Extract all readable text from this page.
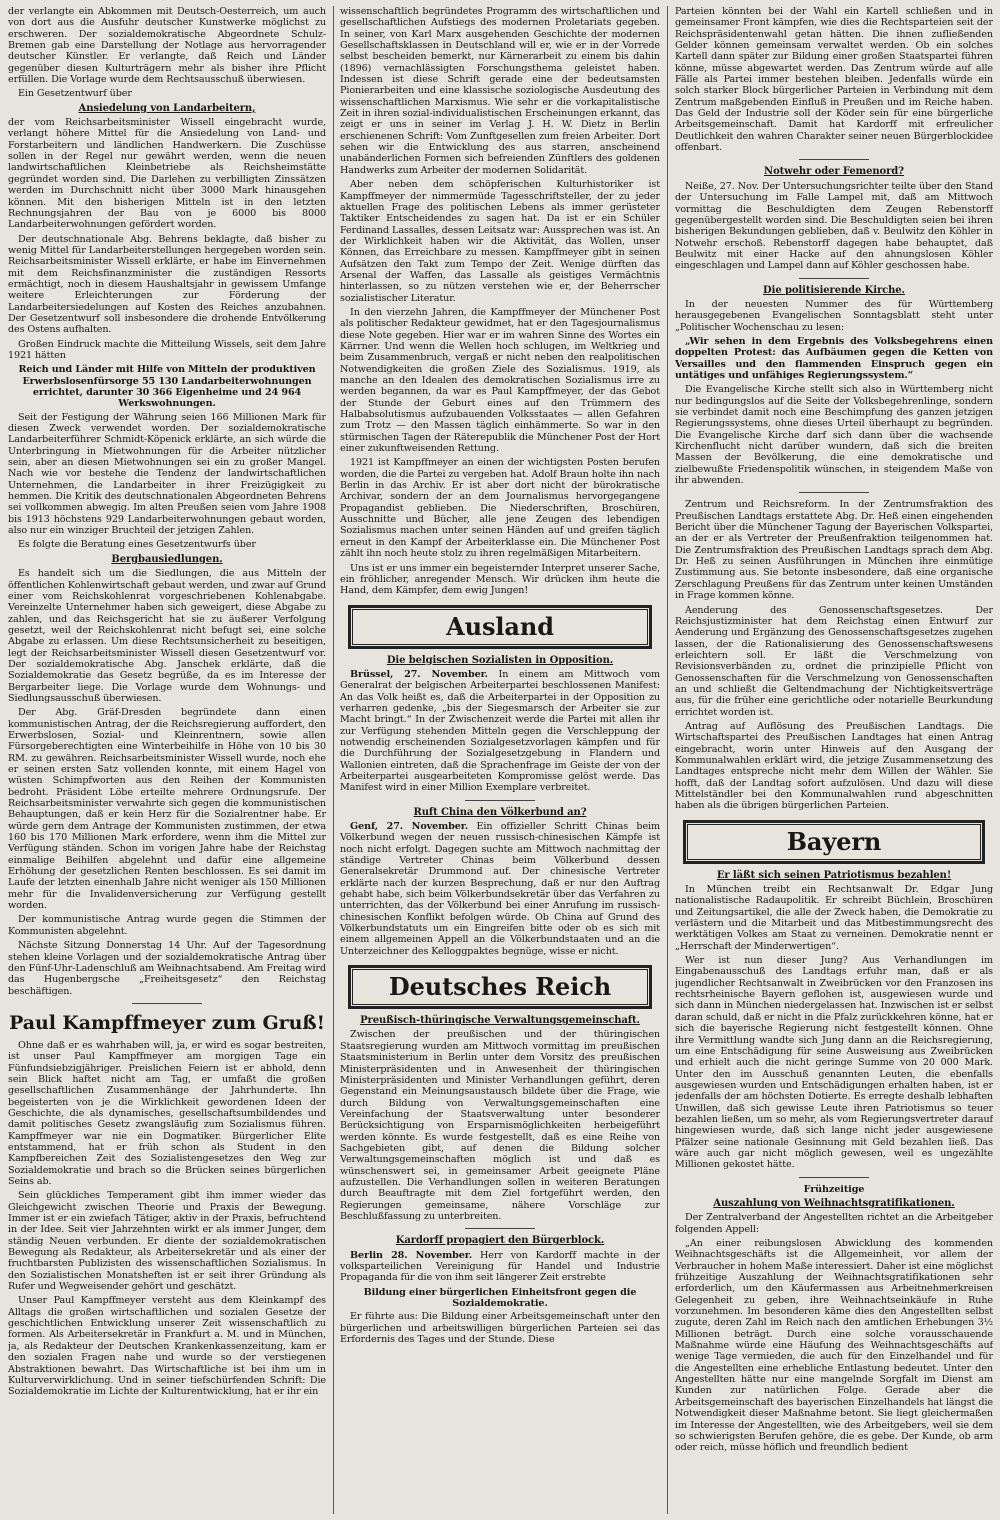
der verlangte ein Abkommen mit Deutsch-Oesterreich, um auch von dort aus die Ausfuhr deutscher Kunstwerke möglichst zu erschweren. Der sozialdemokratische Abgeordnete Schulz-Bremen gab eine Darstellung der Notlage aus hervorragender deutscher Künstler. Er verlangte, daß Reich und Länder gegenüber diesen Kulturträgern mehr als bisher ihre Pflicht erfüllen. Die Vorlage wurde dem Rechtsausschuß überwiesen.

Ein Gesetzentwurf über

Ansiedelung von Landarbeitern,

der vom Reichsarbeitsminister Wissell eingebracht wurde, verlangt höhere Mittel für die Ansiedelung von Land- und Forstarbeitern und ländlichen Handwerkern. Die Zuschüsse sollen in der Regel nur gewährt werden, wenn die neuen landwirtschaftlichen Kleinbetriebe als Reichsheimstätte gegründet worden sind. Die Darlehen zu verbilligten Zinssätzen werden im Durchschnitt nicht über 3000 Mark hinausgehen können. Mit den bisherigen Mitteln ist in den letzten Rechnungsjahren der Bau von je 6000 bis 8000 Landarbeiterwohnungen gefördert worden.

Der deutschnationale Abg. Behrens beklagte, daß bisher zu wenig Mittel für Landarbeiterstellungen hergegeben worden sein. Reichsarbeitsminister Wissell erklärte, er habe im Einvernehmen mit dem Reichsfinanzminister die zuständigen Ressorts ermächtigt, noch in diesem Haushaltsjahr in gewissem Umfange weitere Erleichterungen zur Förderung der Landarbeitersiedelungen auf Kosten des Reiches anzubahnen. Der Gesetzentwurf soll insbesondere die drohende Entvölkerung des Ostens aufhalten.

Großen Eindruck machte die Mitteilung Wissels, seit dem Jahre 1921 hätten

Reich und Länder mit Hilfe von Mitteln der produktiven Erwerbslosenfürsorge 55 130 Landarbeiterwohnungen errichtet, darunter 30 366 Eigenheime und 24 964 Werkswohnungen.

Seit der Festigung der Währung seien 166 Millionen Mark für diesen Zweck verwendet worden. Der sozialdemokratische Landarbeiterführer Schmidt-Köpenick erklärte, an sich würde die Unterbringung in Mietwohnungen für die Arbeiter nützlicher sein, aber an diesen Mietwohnungen sei ein zu großer Mangel. Nach wie vor bestehe die Tendenz der landwirtschaftlichen Unternehmen, die Landarbeiter in ihrer Freizügigkeit zu hemmen. Die Kritik des deutschnationalen Abgeordneten Behrens sei vollkommen abwegig. Im alten Preußen seien vom Jahre 1908 bis 1913 höchstens 929 Landarbeiterwohnungen gebaut worden, also nur ein winziger Bruchteil der jetzigen Zahlen.

Es folgte die Beratung eines Gesetzentwurfs über

Bergbausiedlungen.

Es handelt sich um die Siedlungen, die aus Mitteln der öffentlichen Kohlenwirtschaft gebaut werden, und zwar auf Grund einer vom Reichskohlenrat vorgeschriebenen Kohlenabgabe. Vereinzelte Unternehmer haben sich geweigert, diese Abgabe zu zahlen, und das Reichsgericht hat sie zu äußerer Verfolgung gesetzt, weil der Reichskohlenrat nicht befugt sei, eine solche Abgabe zu erlassen. Um diese Rechtsunsicherheit zu beseitigen, legt der Reichsarbeitsminister Wissell diesen Gesetzentwurf vor. Der sozialdemokratische Abg. Janschek erklärte, daß die Sozialdemokratie das Gesetz begrüße, da es im Interesse der Bergarbeiter liege. Die Vorlage wurde dem Wohnungs- und Siedlungsausschuß überwiesen.

Der Abg. Gräf-Dresden begründete dann einen kommunistischen Antrag, der die Reichsregierung auffordert, den Erwerbslosen, Sozial- und Kleinrentnern, sowie allen Fürsorgeberechtigten eine Winterbeihilfe in Höhe von 10 bis 30 RM. zu gewähren. Reichsarbeitsminister Wissell wurde, noch ehe er seinen ersten Satz vollenden konnte, mit einem Hagel von wüsten Schimpfworten aus den Reihen der Kommunisten bedroht. Präsident Löbe erteilte mehrere Ordnungsrufe. Der Reichsarbeitsminister verwahrte sich gegen die kommunistischen Behauptungen, daß er kein Herz für die Sozialrentner habe. Er würde gern dem Antrage der Kommunisten zustimmen, der etwa 160 bis 170 Millionen Mark erfordere, wenn ihm die Mittel zur Verfügung ständen. Schon im vorigen Jahre habe der Reichstag einmalige Beihilfen abgelehnt und dafür eine allgemeine Erhöhung der gesetzlichen Renten beschlossen. Es sei damit im Laufe der letzten einenhalb Jahre nicht weniger als 150 Millionen mehr für die Invalidenversicherung zur Verfügung gestellt worden.

Der kommunistische Antrag wurde gegen die Stimmen der Kommunisten abgelehnt.

Nächste Sitzung Donnerstag 14 Uhr. Auf der Tagesordnung stehen kleine Vorlagen und der sozialdemokratische Antrag über den Fünf-Uhr-Ladenschluß am Weihnachtsabend. Am Freitag wird das Hugenbergsche „Freiheitsgesetz“ den Reichstag beschäftigen.

Paul Kampffmeyer zum Gruß!

Ohne daß er es wahrhaben will, ja, er wird es sogar bestreiten, ist unser Paul Kampffmeyer am morgigen Tage ein Fünfundsiebzigjähriger. Preislichen Feiern ist er abhold, denn sein Blick haftet nicht am Tag, er umfaßt die großen gesellschaftlichen Zusammenhänge der Jahrhunderte. Ihn begeisterten von je die Wirklichkeit gewordenen Ideen der Geschichte, die als dynamisches, gesellschaftsumbildendes und damit politisches Gesetz zwangsläufig zum Sozialismus führen. Kampffmeyer war nie ein Dogmatiker. Bürgerlicher Elite entstammend, hat er früh schon als Student in den Kampfbereichen Zeit des Sozialistengesetzes den Weg zur Sozialdemokratie und brach so die Brücken seines bürgerlichen Seins ab.

Sein glückliches Temperament gibt ihm immer wieder das Gleichgewicht zwischen Theorie und Praxis der Bewegung. Immer ist er ein zwiefach Tätiger, aktiv in der Praxis, befruchtend in der Idee. Seit vier Jahrzehnten wirkt er als immer Junger, dem ständig Neuen verbunden. Er diente der sozialdemokratischen Bewegung als Redakteur, als Arbeitersekretär und als einer der fruchtbarsten Publizisten des wissenschaftlichen Sozialismus. In den Sozialistischen Monatsheften ist er seit ihrer Gründung als Rufer und Wegweisender gehört und geschätzt.

Unser Paul Kampffmeyer versteht aus dem Kleinkampf des Alltags die großen wirtschaftlichen und sozialen Gesetze der geschichtlichen Entwicklung unserer Zeit wissenschaftlich zu formen. Als Arbeitersekretär in Frankfurt a. M. und in München, ja, als Redakteur der Deutschen Krankenkassenzeitung, kam er den sozialen Fragen nahe und wurde so der verstiegenen Abstraktionen bewahrt. Das Wirtschaftliche ist bei ihm um in Kulturverwirklichung. Und in seiner tiefschürfenden Schrift: Die Sozialdemokratie im Lichte der Kulturentwicklung, hat er ihr ein

wissenschaftlich begründetes Programm des wirtschaftlichen und gesellschaftlichen Aufstiegs des modernen Proletariats gegeben. In seiner, von Karl Marx ausgehenden Geschichte der modernen Gesellschaftsklassen in Deutschland will er, wie er in der Vorrede selbst bescheiden bemerkt, nur Kärnerarbeit zu einem bis dahin (1896) vernachlässigten Forschungsthema geleistet haben. Indessen ist diese Schrift gerade eine der bedeutsamsten Pionierarbeiten und eine klassische soziologische Ausdeutung des wissenschaftlichen Marxismus. Wie sehr er die vorkapitalistische Zeit in ihren sozial-individualistischen Erscheinungen erkannt, das zeigt er uns in seiner im Verlag J. H. W. Dietz in Berlin erschienenen Schrift: Vom Zunftgesellen zum freien Arbeiter. Dort sehen wir die Entwicklung des aus starren, anscheinend unabänderlichen Formen sich befreienden Zünftlers des goldenen Handwerks zum Arbeiter der modernen Solidarität.

Aber neben dem schöpferischen Kulturhistoriker ist Kampffmeyer der nimmermüde Tagesschriftsteller, der zu jeder aktuellen Frage des politischen Lebens als immer gerüsteter Taktiker Entscheidendes zu sagen hat. Da ist er ein Schüler Ferdinand Lassalles, dessen Leitsatz war: Aussprechen was ist. An der Wirklichkeit haben wir die Aktivität, das Wollen, unser Können, das Erreichbare zu messen. Kampffmeyer gibt in seinen Aufsätzen den Takt zum Tempo der Zeit. Wenige dürften das Arsenal der Waffen, das Lassalle als geistiges Vermächtnis hinterlassen, so zu nützen verstehen wie er, der Beherrscher sozialistischer Literatur.

In den vierzehn Jahren, die Kampffmeyer der Münchener Post als politischer Redakteur gewidmet, hat er den Tagesjournalismus diese Note gegeben. Hier war er im wahren Sinne des Wortes ein Kärrner. Und wenn die Wellen hoch schlugen, im Weltkrieg und beim Zusammenbruch, vergaß er nicht neben den realpolitischen Notwendigkeiten die großen Ziele des Sozialismus. 1919, als manche an den Idealen des demokratischen Sozialismus irre zu werden begannen, da war es Paul Kampffmeyer, der das Gebot der Stunde der Geburt eines auf den Trümmern des Halbabsolutismus aufzubauenden Volksstaates — allen Gefahren zum Trotz — den Massen täglich einhämmerte. So war in den stürmischen Tagen der Räterepublik die Münchener Post der Hort einer zukunftweisenden Rettung.

1921 ist Kampffmeyer an einen der wichtigsten Posten berufen worden, die die Partei zu vergeben hat. Adolf Braun holte ihn nach Berlin in das Archiv. Er ist aber dort nicht der bürokratische Archivar, sondern der an dem Journalismus hervorgegangene Propagandist geblieben. Die Niederschriften, Broschüren, Ausschnitte und Bücher, alle jene Zeugen des lebendigen Sozialismus machen unter seinen Händen auf und greifen täglich erneut in den Kampf der Arbeiterklasse ein. Die Münchener Post zählt ihn noch heute stolz zu ihren regelmäßigen Mitarbeitern.

Uns ist er uns immer ein begeisternder Interpret unserer Sache, ein fröhlicher, anregender Mensch. Wir drücken ihm heute die Hand, dem Kämpfer, dem ewig Jungen!

Ausland
Die belgischen Sozialisten in Opposition.

Brüssel, 27. November. In einem am Mittwoch vom Generalrat der belgischen Arbeiterpartei beschlossenen Manifest: An das Volk heißt es, daß die Arbeiterpartei in der Opposition zu verharren gedenke, „bis der Siegesmarsch der Arbeiter sie zur Macht bringt.“ In der Zwischenzeit werde die Partei mit allen ihr zur Verfügung stehenden Mitteln gegen die Verschleppung der notwendig erscheinenden Sozialgesetzvorlagen kämpfen und für die Durchführung der Sozialgesetzgebung in Flandern und Wallonien eintreten, daß die Sprachenfrage im Geiste der von der Arbeiterpartei ausgearbeiteten Kompromisse gelöst werde. Das Manifest wird in einer Million Exemplare verbreitet.

Ruft China den Völkerbund an?

Genf, 27. November. Ein offizieller Schritt Chinas beim Völkerbund wegen der neuen russisch-chinesischen Kämpfe ist noch nicht erfolgt. Dagegen suchte am Mittwoch nachmittag der ständige Vertreter Chinas beim Völkerbund dessen Generalsekretär Drummond auf. Der chinesische Vertreter erklärte nach der kurzen Besprechung, daß er nur den Auftrag gehabt habe, sich beim Völkerbundsekretär über das Verfahren zu unterrichten, das der Völkerbund bei einer Anrufung im russisch-chinesischen Konflikt befolgen würde. Ob China auf Grund des Völkerbundstatuts um ein Eingreifen bitte oder ob es sich mit einem allgemeinen Appell an die Völkerbundstaaten und an die Unterzeichner des Kelloggpaktes begnüge, wisse er nicht.

Deutsches Reich
Preußisch-thüringische Verwaltungsgemeinschaft.

Zwischen der preußischen und der thüringischen Staatsregierung wurden am Mittwoch vormittag im preußischen Staatsministerium in Berlin unter dem Vorsitz des preußischen Ministerpräsidenten und in Anwesenheit der thüringischen Ministerpräsidenten und Minister Verhandlungen geführt, deren Gegenstand ein Meinungsaustausch bildete über die Frage, wie durch Bildung von Verwaltungsgemeinschaften eine Vereinfachung der Staatsverwaltung unter besonderer Berücksichtigung von Ersparnismöglichkeiten herbeigeführt werden könnte. Es wurde festgestellt, daß es eine Reihe von Sachgebieten gibt, auf denen die Bildung solcher Verwaltungsgemeinschaften möglich ist und daß es wünschenswert sei, in gemeinsamer Arbeit geeignete Pläne aufzustellen. Die Verhandlungen sollen in weiteren Beratungen durch Beauftragte mit dem Ziel fortgeführt werden, den Regierungen gemeinsame, nähere Vorschläge zur Beschlußfassung zu unterbreiten.

Kardorff propagiert den Bürgerblock.

Berlin 28. November. Herr von Kardorff machte in der volksparteilichen Vereinigung für Handel und Industrie Propaganda für die von ihm seit längerer Zeit erstrebte

Bildung einer bürgerlichen Einheitsfront gegen die Sozialdemokratie.

Er führte aus: Die Bildung einer Arbeitsgemeinschaft unter den bürgerlichen und arbeitswilligen bürgerlichen Parteien sei das Erfordernis des Tages und der Stunde. Diese

Parteien könnten bei der Wahl ein Kartell schließen und in gemeinsamer Front kämpfen, wie dies die Rechtsparteien seit der Reichspräsidentenwahl getan hätten. Die ihnen zufließenden Gelder können gemeinsam verwaltet werden. Ob ein solches Kartell dann später zur Bildung einer großen Staatspartei führen könne, müsse abgewartet werden. Das Zentrum würde auf alle Fälle als Partei immer bestehen bleiben. Jedenfalls würde ein solch starker Block bürgerlicher Parteien in Verbindung mit dem Zentrum maßgebenden Einfluß in Preußen und im Reiche haben. Das Geld der Industrie soll der Köder sein für eine bürgerliche Arbeitsgemeinschaft. Damit hat Kardorff mit erfreulicher Deutlichkeit den wahren Charakter seiner neuen Bürgerblockidee offenbart.

Notwehr oder Femenord?

Neiße, 27. Nov. Der Untersuchungsrichter teilte über den Stand der Untersuchung im Falle Lampel mit, daß am Mittwoch vormittag die Beschuldigten dem Zeugen Rebenstorff gegenübergestellt worden sind. Die Beschuldigten seien bei ihren bisherigen Bekundungen geblieben, daß v. Beulwitz den Köhler in Notwehr erschoß. Rebenstorff dagegen habe behauptet, daß Beulwitz mit einer Hacke auf den ahnungslosen Köhler eingeschlagen und Lampel dann auf Köhler geschossen habe.

Die politisierende Kirche.

In der neuesten Nummer des für Württemberg herausgegebenen Evangelischen Sonntagsblatt steht unter „Politischer Wochenschau zu lesen:

„Wir sehen in dem Ergebnis des Volksbegehrens einen doppelten Protest: das Aufbäumen gegen die Ketten von Versailles und den flammenden Einspruch gegen ein untätiges und unfähiges Regierungssystem.“

Die Evangelische Kirche stellt sich also in Württemberg nicht nur bedingungslos auf die Seite der Volksbegehrenlinge, sondern sie verbindet damit noch eine Beschimpfung des ganzen jetzigen Regierungssystems, ohne dieses Urteil überhaupt zu begründen. Die Evangelische Kirche darf sich dann über die wachsende Kirchenflucht nicht darüber wundern, daß sich die breiten Massen der Bevölkerung, die eine demokratische und zielbewußte Friedenspolitik wünschen, in steigendem Maße von ihr abwenden.

Zentrum und Reichsreform. In der Zentrumsfraktion des Preußischen Landtags erstattete Abg. Dr. Heß einen eingehenden Bericht über die Münchener Tagung der Bayerischen Volkspartei, an der er als Vertreter der Preußenfraktion teilgenommen hat. Die Zentrumsfraktion des Preußischen Landtags sprach dem Abg. Dr. Heß zu seinen Ausführungen in München ihre einmütige Zustimmung aus. Sie betonte insbesondere, daß eine organische Zerschlagung Preußens für das Zentrum unter keinen Umständen in Frage kommen könne.

Aenderung des Genossenschaftsgesetzes. Der Reichsjustizminister hat dem Reichstag einen Entwurf zur Aenderung und Ergänzung des Genossenschaftsgesetzes zugehen lassen, der die Rationalisierung des Genossenschaftswesens erleichtern soll. Er läßt die Verschmelzung von Revisionsverbänden zu, ordnet die prinzipielle Pflicht von Genossenschaften für die Verschmelzung von Genossenschaften an und schließt die Geltendmachung der Nichtigkeitsverträge aus, für die früher eine gerichtliche oder notarielle Beurkundung errichtet worden ist.

Antrag auf Auflösung des Preußischen Landtags. Die Wirtschaftspartei des Preußischen Landtages hat einen Antrag eingebracht, worin unter Hinweis auf den Ausgang der Kommunalwahlen erklärt wird, die jetzige Zusammensetzung des Landtages entspreche nicht mehr dem Willen der Wähler. Sie hofft, daß der Landtag sofort aufzulösen. Und dazu will diese Mittelständler bei den Kommunalwahlen rund abgeschnitten haben als die übrigen bürgerlichen Parteien.

Bayern
Er läßt sich seinen Patriotismus bezahlen!

In München treibt ein Rechtsanwalt Dr. Edgar Jung nationalistische Radaupolitik. Er schreibt Büchlein, Broschüren und Zeitungsartikel, die alle der Zweck haben, die Demokratie zu verlästern und die Mitarbeit und das Mitbestimmungsrecht des werktätigen Volkes am Staat zu verneinen. Demokratie nennt er „Herrschaft der Minderwertigen“.

Wer ist nun dieser Jung? Aus Verhandlungen im Eingabenausschuß des Landtags erfuhr man, daß er als jugendlicher Rechtsanwalt in Zweibrücken vor den Franzosen ins rechtsrheinische Bayern geflohen ist, ausgewiesen wurde und sich dann in München niedergelassen hat. Inzwischen ist er selbst daran schuld, daß er nicht in die Pfalz zurückkehren könne, hat er sich die bayerische Regierung nicht festgestellt können. Ohne ihre Vermittlung wandte sich Jung dann an die Reichsregierung, um eine Entschädigung für seine Ausweisung aus Zweibrücken und erhielt auch die nicht geringe Summe von 20 000 Mark. Unter den im Ausschuß genannten Leuten, die ebenfalls ausgewiesen wurden und Entschädigungen erhalten haben, ist er jedenfalls der am höchsten Dotierte. Es erregte deshalb lebhaften Unwillen, daß sich gewisse Leute ihren Patriotismus so teuer bezahlen ließen, um so mehr, als vom Regierungsvertreter darauf hingewiesen wurde, daß sich lange nicht jeder ausgewiesene Pfälzer seine nationale Gesinnung mit Geld bezahlen ließ. Das wäre auch gar nicht möglich gewesen, weil es ungezählte Millionen gekostet hätte.

Frühzeitige
Auszahlung von Weihnachtsgratifikationen.

Der Zentralverband der Angestellten richtet an die Arbeitgeber folgenden Appell:

„An einer reibungslosen Abwicklung des kommenden Weihnachtsgeschäfts ist die Allgemeinheit, vor allem der Verbraucher in hohem Maße interessiert. Daher ist eine möglichst frühzeitige Auszahlung der Weihnachtsgratifikationen sehr erforderlich, um den Käufermassen aus Arbeitnehmerkreisen Gelegenheit zu geben, ihre Weihnachtseinkäufe in Ruhe vorzunehmen. Im besonderen käme dies den Angestellten selbst zugute, deren Zahl im Reich nach den amtlichen Erhebungen 3½ Millionen beträgt. Durch eine solche vorausschauende Maßnahme würde eine Häufung des Weihnachtsgeschäfts auf wenige Tage vermieden, die auch für den Einzelhandel und für die Angestellten eine erhebliche Entlastung bedeutet. Unter den Angestellten hätte nur eine mangelnde Sorgfalt im Dienst am Kunden zur natürlichen Folge. Gerade aber die Arbeitsgemeinschaft des bayerischen Einzelhandels hat längst die Notwendigkeit dieser Maßnahme betont. Sie liegt gleichermaßen im Interesse der Angestellten, wie des Arbeitgebers, weil sie dem so schwierigsten Berufen gehöre, die es gebe. Der Kunde, ob arm oder reich, müsse höflich und freundlich bedient
